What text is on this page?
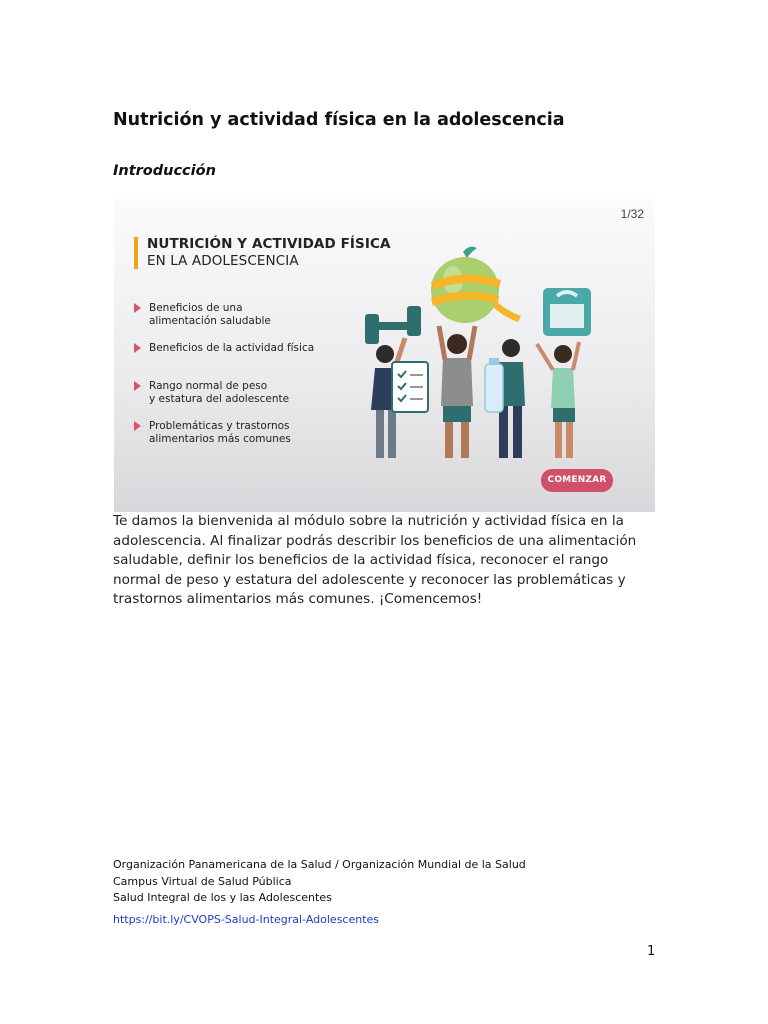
Nutrición y actividad física en la adolescencia
Introducción
1/32
NUTRICIÓN Y ACTIVIDAD FÍSICA
EN LA ADOLESCENCIA
Beneficios de una
alimentación saludable
Beneficios de la actividad física
Rango normal de peso
y estatura del adolescente
Problemáticas y trastornos
alimentarios más comunes
COMENZAR

Te damos la bienvenida al módulo sobre la nutrición y actividad física en la adolescencia. Al finalizar podrás describir los beneficios de una alimentación saludable, definir los beneficios de la actividad física, reconocer el rango normal de peso y estatura del adolescente y reconocer las problemáticas y trastornos alimentarios más comunes. ¡Comencemos!

Organización Panamericana de la Salud / Organización Mundial de la Salud
Campus Virtual de Salud Pública
Salud Integral de los y las Adolescentes
https://bit.ly/CVOPS-Salud-Integral-Adolescentes
1
